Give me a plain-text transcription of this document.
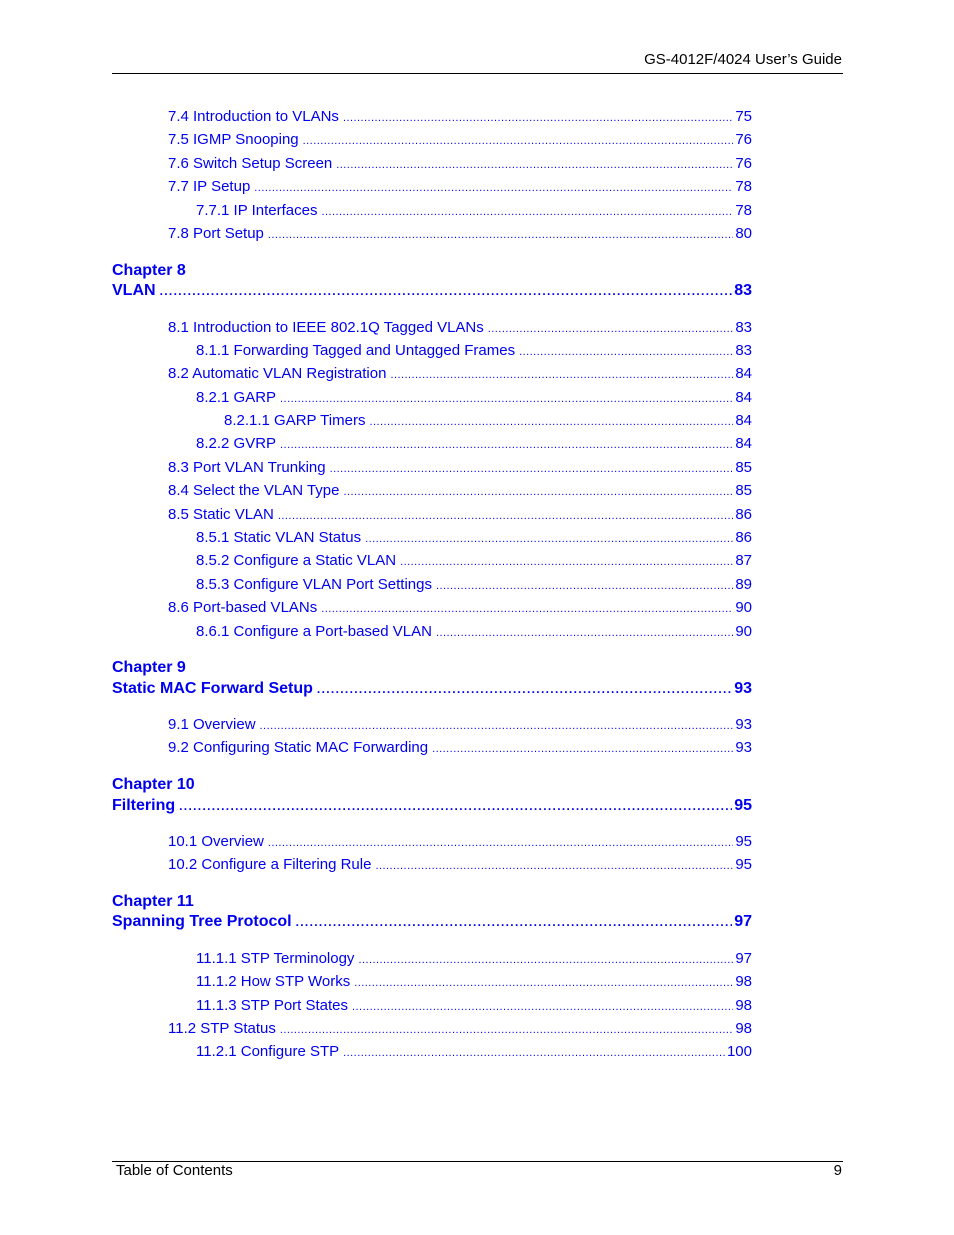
GS-4012F/4024 User’s Guide
7.4 Introduction to VLANs . . .	75
7.5 IGMP Snooping . . .	76
7.6 Switch Setup Screen . . .	76
7.7 IP Setup . . .	78
7.7.1 IP Interfaces . . .	78
7.8 Port Setup . . .	80
Chapter 8
VLAN . . .	83
8.1 Introduction to IEEE 802.1Q Tagged VLANs . . .	83
8.1.1 Forwarding Tagged and Untagged Frames . . .	83
8.2 Automatic VLAN Registration . . .	84
8.2.1 GARP . . .	84
8.2.1.1 GARP Timers . . .	84
8.2.2 GVRP . . .	84
8.3 Port VLAN Trunking . . .	85
8.4 Select the VLAN Type . . .	85
8.5 Static VLAN . . .	86
8.5.1 Static VLAN Status . . .	86
8.5.2 Configure a Static VLAN . . .	87
8.5.3 Configure VLAN Port Settings . . .	89
8.6 Port-based VLANs . . .	90
8.6.1 Configure a Port-based VLAN . . .	90
Chapter 9
Static MAC Forward Setup . . .	93
9.1 Overview . . .	93
9.2 Configuring Static MAC Forwarding . . .	93
Chapter 10
Filtering . . .	95
10.1 Overview . . .	95
10.2 Configure a Filtering Rule . . .	95
Chapter 11
Spanning Tree Protocol . . .	97
11.1.1 STP Terminology . . .	97
11.1.2 How STP Works . . .	98
11.1.3 STP Port States . . .	98
11.2 STP Status . . .	98
11.2.1 Configure STP . . .	100
Table of Contents	9
